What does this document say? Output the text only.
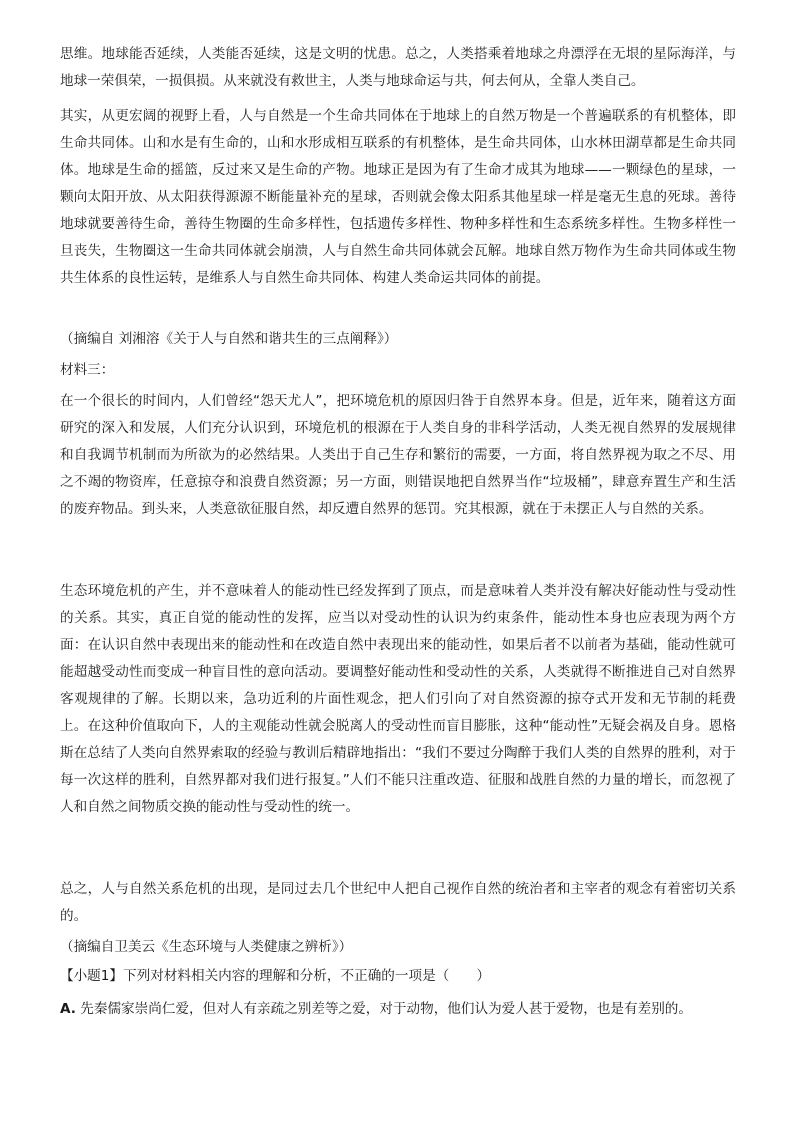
思维。地球能否延续，人类能否延续，这是文明的忧患。总之，人类搭乘着地球之舟漂浮在无垠的星际海洋，与地球一荣俱荣，一损俱损。从来就没有救世主，人类与地球命运与共，何去何从，全靠人类自己。

其实，从更宏阔的视野上看，人与自然是一个生命共同体在于地球上的自然万物是一个普遍联系的有机整体，即生命共同体。山和水是有生命的，山和水形成相互联系的有机整体，是生命共同体，山水林田湖草都是生命共同体。地球是生命的摇篮，反过来又是生命的产物。地球正是因为有了生命才成其为地球——一颗绿色的星球，一颗向太阳开放、从太阳获得源源不断能量补充的星球，否则就会像太阳系其他星球一样是毫无生息的死球。善待地球就要善待生命，善待生物圈的生命多样性，包括遗传多样性、物种多样性和生态系统多样性。生物多样性一旦丧失，生物圈这一生命共同体就会崩溃，人与自然生命共同体就会瓦解。地球自然万物作为生命共同体或生物共生体系的良性运转，是维系人与自然生命共同体、构建人类命运共同体的前提。

（摘编自 刘湘溶《关于人与自然和谐共生的三点阐释》）

材料三：

在一个很长的时间内，人们曾经“怨天尤人”，把环境危机的原因归咎于自然界本身。但是，近年来，随着这方面研究的深入和发展，人们充分认识到，环境危机的根源在于人类自身的非科学活动，人类无视自然界的发展规律和自我调节机制而为所欲为的必然结果。人类出于自己生存和繁衍的需要，一方面，将自然界视为取之不尽、用之不竭的物资库，任意掠夺和浪费自然资源；另一方面，则错误地把自然界当作“垃圾桶”，肆意弃置生产和生活的废弃物品。到头来，人类意欲征服自然，却反遭自然界的惩罚。究其根源，就在于未摆正人与自然的关系。

生态环境危机的产生，并不意味着人的能动性已经发挥到了顶点，而是意味着人类并没有解决好能动性与受动性的关系。其实，真正自觉的能动性的发挥，应当以对受动性的认识为约束条件，能动性本身也应表现为两个方面：在认识自然中表现出来的能动性和在改造自然中表现出来的能动性，如果后者不以前者为基础，能动性就可能超越受动性而变成一种盲目性的意向活动。要调整好能动性和受动性的关系，人类就得不断推进自己对自然界客观规律的了解。长期以来，急功近利的片面性观念，把人们引向了对自然资源的掠夺式开发和无节制的耗费上。在这种价值取向下，人的主观能动性就会脱离人的受动性而盲目膨胀，这种“能动性”无疑会祸及自身。恩格斯在总结了人类向自然界索取的经验与教训后精辟地指出：“我们不要过分陶醉于我们人类的自然界的胜利，对于每一次这样的胜利，自然界都对我们进行报复。”人们不能只注重改造、征服和战胜自然的力量的增长，而忽视了人和自然之间物质交换的能动性与受动性的统一。

总之，人与自然关系危机的出现，是同过去几个世纪中人把自己视作自然的统治者和主宰者的观念有着密切关系的。

（摘编自卫美云《生态环境与人类健康之辨析》）

【小题1】下列对材料相关内容的理解和分析，不正确的一项是（　　）

A. 先秦儒家崇尚仁爱，但对人有亲疏之别差等之爱，对于动物，他们认为爱人甚于爱物，也是有差别的。
